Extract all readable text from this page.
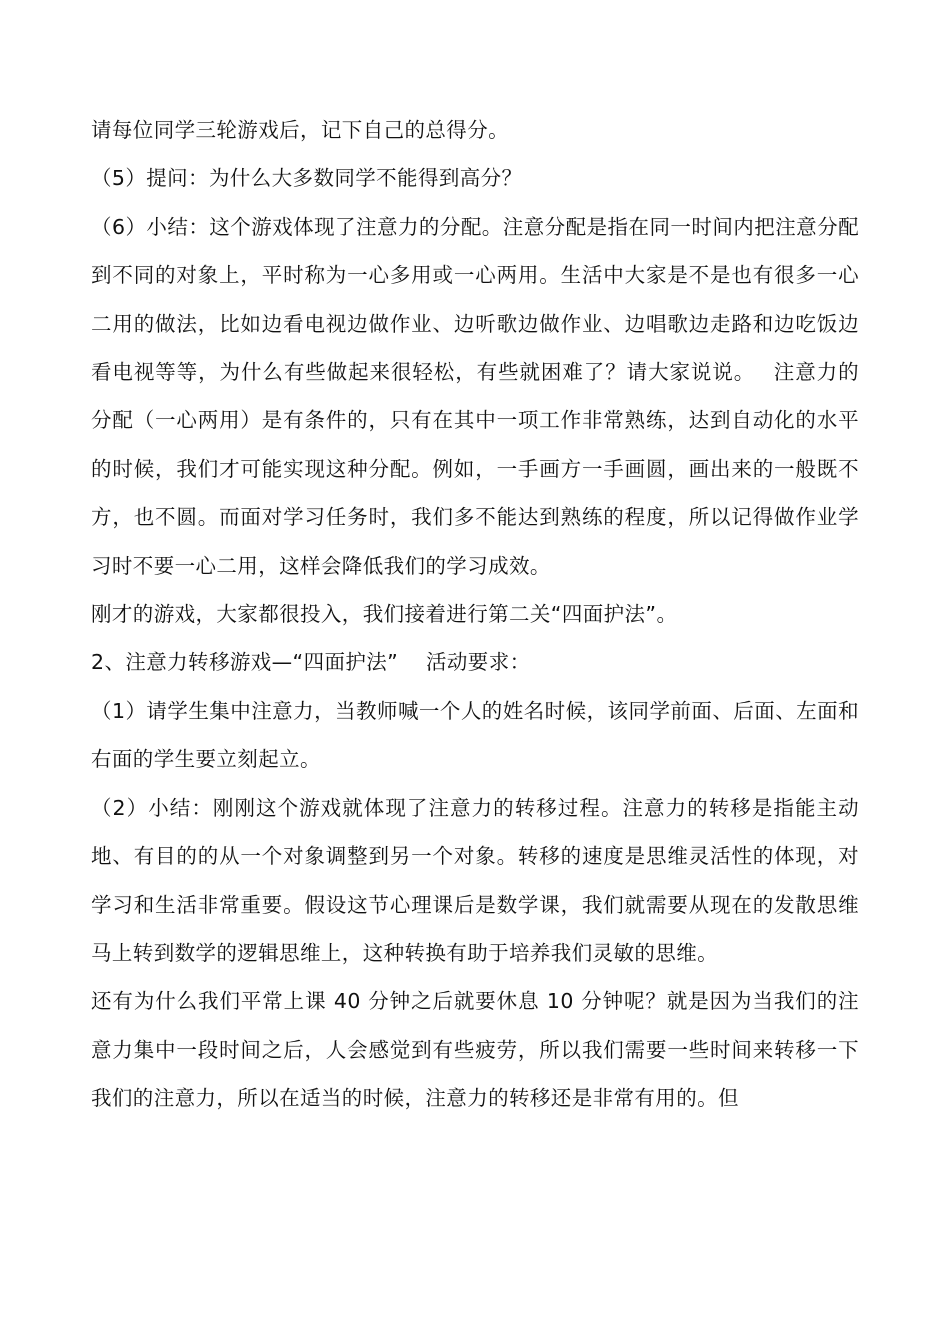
请每位同学三轮游戏后，记下自己的总得分。

（5）提问：为什么大多数同学不能得到高分？

（6）小结：这个游戏体现了注意力的分配。注意分配是指在同一时间内把注意分配到不同的对象上，平时称为一心多用或一心两用。生活中大家是不是也有很多一心二用的做法，比如边看电视边做作业、边听歌边做作业、边唱歌边走路和边吃饭边看电视等等，为什么有些做起来很轻松，有些就困难了？请大家说说。　 注意力的分配（一心两用）是有条件的，只有在其中一项工作非常熟练，达到自动化的水平的时候，我们才可能实现这种分配。例如，一手画方一手画圆，画出来的一般既不方，也不圆。而面对学习任务时，我们多不能达到熟练的程度，所以记得做作业学习时不要一心二用，这样会降低我们的学习成效。

刚才的游戏，大家都很投入，我们接着进行第二关“四面护法”。

2、注意力转移游戏—“四面护法”　 活动要求：

（1）请学生集中注意力，当教师喊一个人的姓名时候，该同学前面、后面、左面和右面的学生要立刻起立。

（2）小结：刚刚这个游戏就体现了注意力的转移过程。注意力的转移是指能主动地、有目的的从一个对象调整到另一个对象。转移的速度是思维灵活性的体现，对学习和生活非常重要。假设这节心理课后是数学课，我们就需要从现在的发散思维马上转到数学的逻辑思维上，这种转换有助于培养我们灵敏的思维。

还有为什么我们平常上课 40 分钟之后就要休息 10 分钟呢？就是因为当我们的注意力集中一段时间之后，人会感觉到有些疲劳，所以我们需要一些时间来转移一下我们的注意力，所以在适当的时候，注意力的转移还是非常有用的。但
